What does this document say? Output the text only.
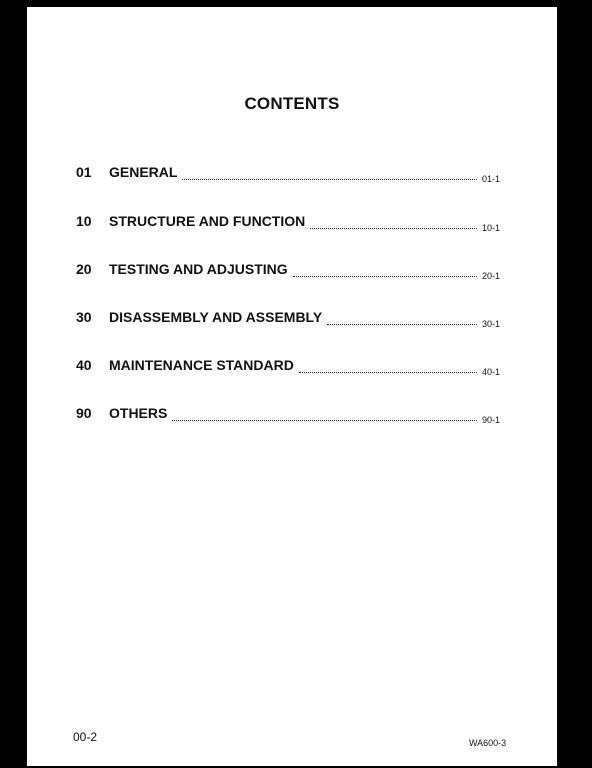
CONTENTS
01	GENERAL	01-1
10	STRUCTURE AND FUNCTION	10-1
20	TESTING AND ADJUSTING	20-1
30	DISASSEMBLY AND ASSEMBLY	30-1
40	MAINTENANCE STANDARD	40-1
90	OTHERS	90-1
00-2	WA600-3
